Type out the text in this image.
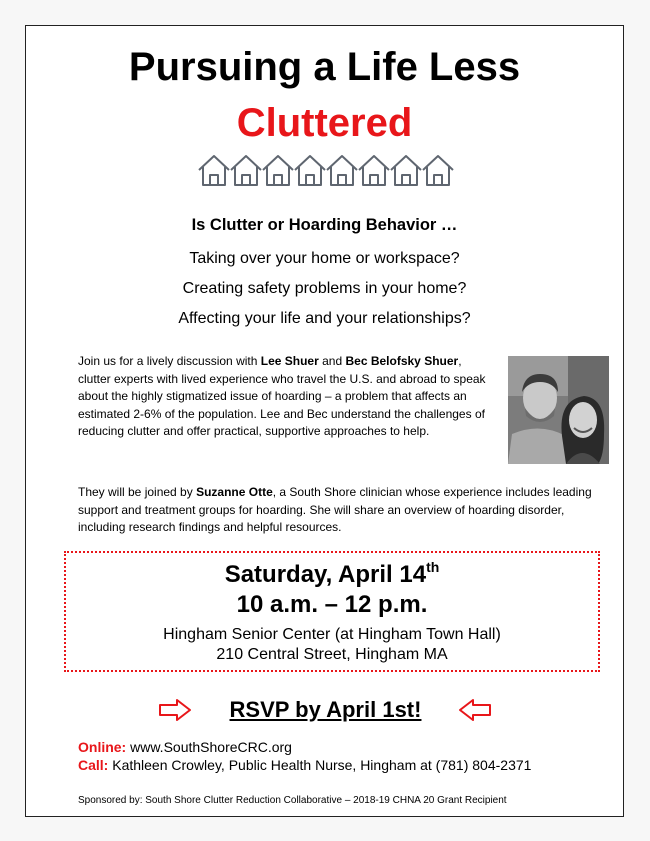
Pursuing a Life Less
Cluttered
Is Clutter or Hoarding Behavior …
Taking over your home or workspace?
Creating safety problems in your home?
Affecting your life and your relationships?
Join us for a lively discussion with Lee Shuer and Bec Belofsky Shuer, clutter experts with lived experience who travel the U.S. and abroad to speak about the highly stigmatized issue of hoarding – a problem that affects an estimated 2-6% of the population. Lee and Bec understand the challenges of reducing clutter and offer practical, supportive approaches to help.
They will be joined by Suzanne Otte, a South Shore clinician whose experience includes leading support and treatment groups for hoarding. She will share an overview of hoarding disorder, including research findings and helpful resources.
Saturday, April 14th
10 a.m. – 12 p.m.
Hingham Senior Center (at Hingham Town Hall)
210 Central Street, Hingham MA
RSVP by April 1st!
Online: www.SouthShoreCRC.org
Call: Kathleen Crowley, Public Health Nurse, Hingham at (781) 804-2371
Sponsored by: South Shore Clutter Reduction Collaborative – 2018-19 CHNA 20 Grant Recipient
